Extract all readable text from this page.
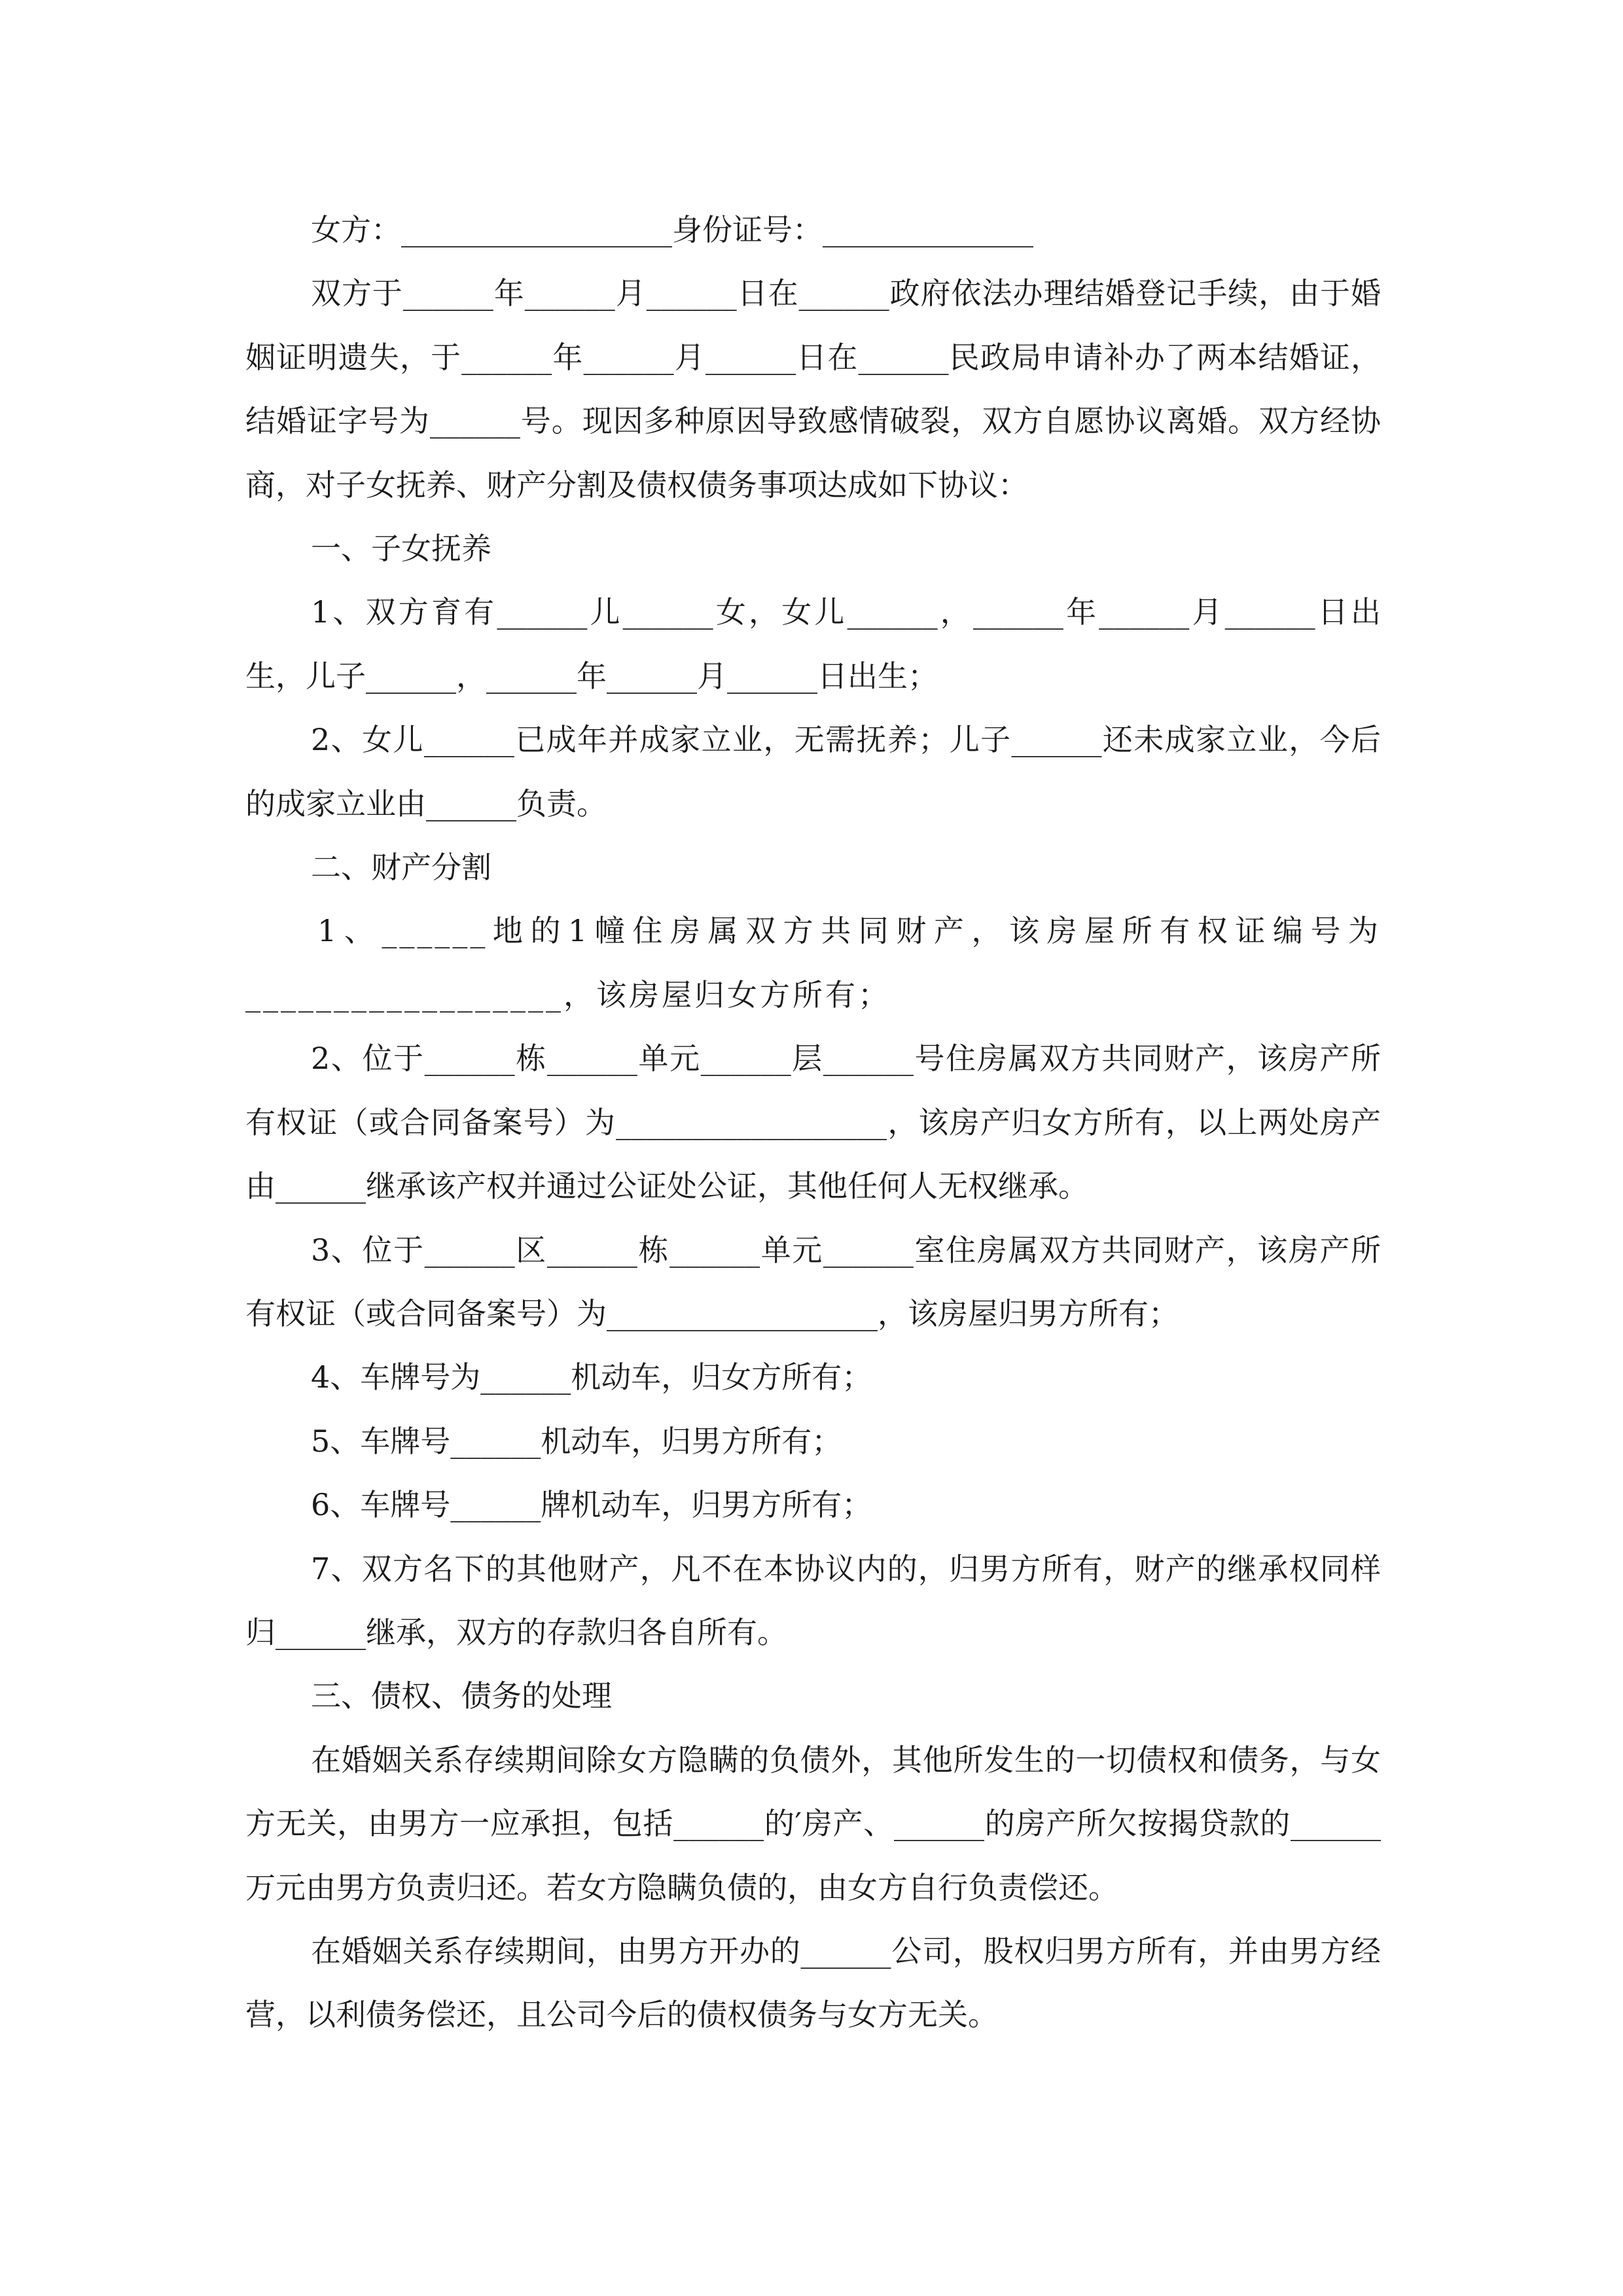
女方：__________________身份证号：______________

双方于______年______月______日在______政府依法办理结婚登记手续，由于婚姻证明遗失，于______年______月______日在______民政局申请补办了两本结婚证，结婚证字号为______号。现因多种原因导致感情破裂，双方自愿协议离婚。双方经协商，对子女抚养、财产分割及债权债务事项达成如下协议：

一、子女抚养

1、双方育有______儿______女，女儿______，______年______月______日出生，儿子______，______年______月______日出生；

2、女儿______已成年并成家立业，无需抚养；儿子______还未成家立业，今后的成家立业由______负责。

二、财产分割

1、______地的1幢住房属双方共同财产，该房屋所有权证编号为__________________，该房屋归女方所有；

2、位于______栋______单元______层______号住房属双方共同财产，该房产所有权证（或合同备案号）为__________________，该房产归女方所有，以上两处房产由______继承该产权并通过公证处公证，其他任何人无权继承。

3、位于______区______栋______单元______室住房属双方共同财产，该房产所有权证（或合同备案号）为__________________，该房屋归男方所有；

4、车牌号为______机动车，归女方所有；

5、车牌号______机动车，归男方所有；

6、车牌号______牌机动车，归男方所有；

7、双方名下的其他财产，凡不在本协议内的，归男方所有，财产的继承权同样归______继承，双方的存款归各自所有。

三、债权、债务的处理

在婚姻关系存续期间除女方隐瞒的负债外，其他所发生的一切债权和债务，与女方无关，由男方一应承担，包括______的′房产、______的房产所欠按揭贷款的______万元由男方负责归还。若女方隐瞒负债的，由女方自行负责偿还。

在婚姻关系存续期间，由男方开办的______公司，股权归男方所有，并由男方经营，以利债务偿还，且公司今后的债权债务与女方无关。
